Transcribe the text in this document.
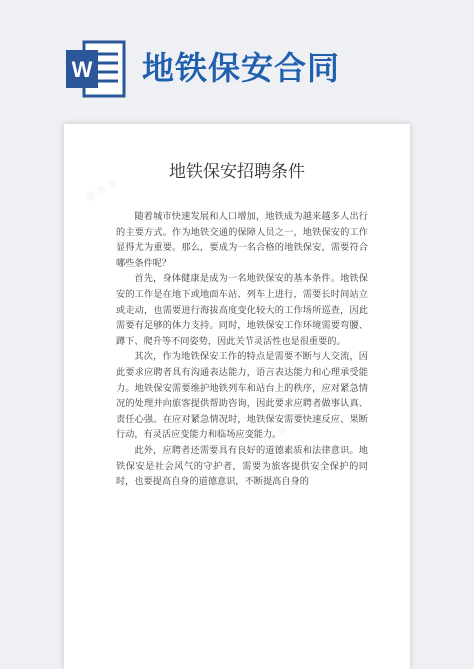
W 地铁保安合同
地铁保安招聘条件

随着城市快速发展和人口增加，地铁成为越来越多人出行的主要方式。作为地铁交通的保障人员之一，地铁保安的工作显得尤为重要。那么，要成为一名合格的地铁保安，需要符合哪些条件呢？

首先，身体健康是成为一名地铁保安的基本条件。地铁保安的工作是在地下或地面车站、列车上进行，需要长时间站立或走动，也需要进行海拔高度变化较大的工作场所巡查，因此需要有足够的体力支持。同时，地铁保安工作环境需要弯腰、蹲下、爬升等不同姿势，因此关节灵活性也是很重要的。

其次，作为地铁保安工作的特点是需要不断与人交流，因此要求应聘者具有沟通表达能力，语言表达能力和心理承受能力。地铁保安需要维护地铁列车和站台上的秩序，应对紧急情况的处理并向旅客提供帮助咨询，因此要求应聘者做事认真、责任心强。在应对紧急情况时，地铁保安需要快速反应、果断行动，有灵活应变能力和临场应变能力。

此外，应聘者还需要具有良好的道德素质和法律意识。地铁保安是社会风气的守护者，需要为旅客提供安全保护的同时，也要提高自身的道德意识，不断提高自身的
